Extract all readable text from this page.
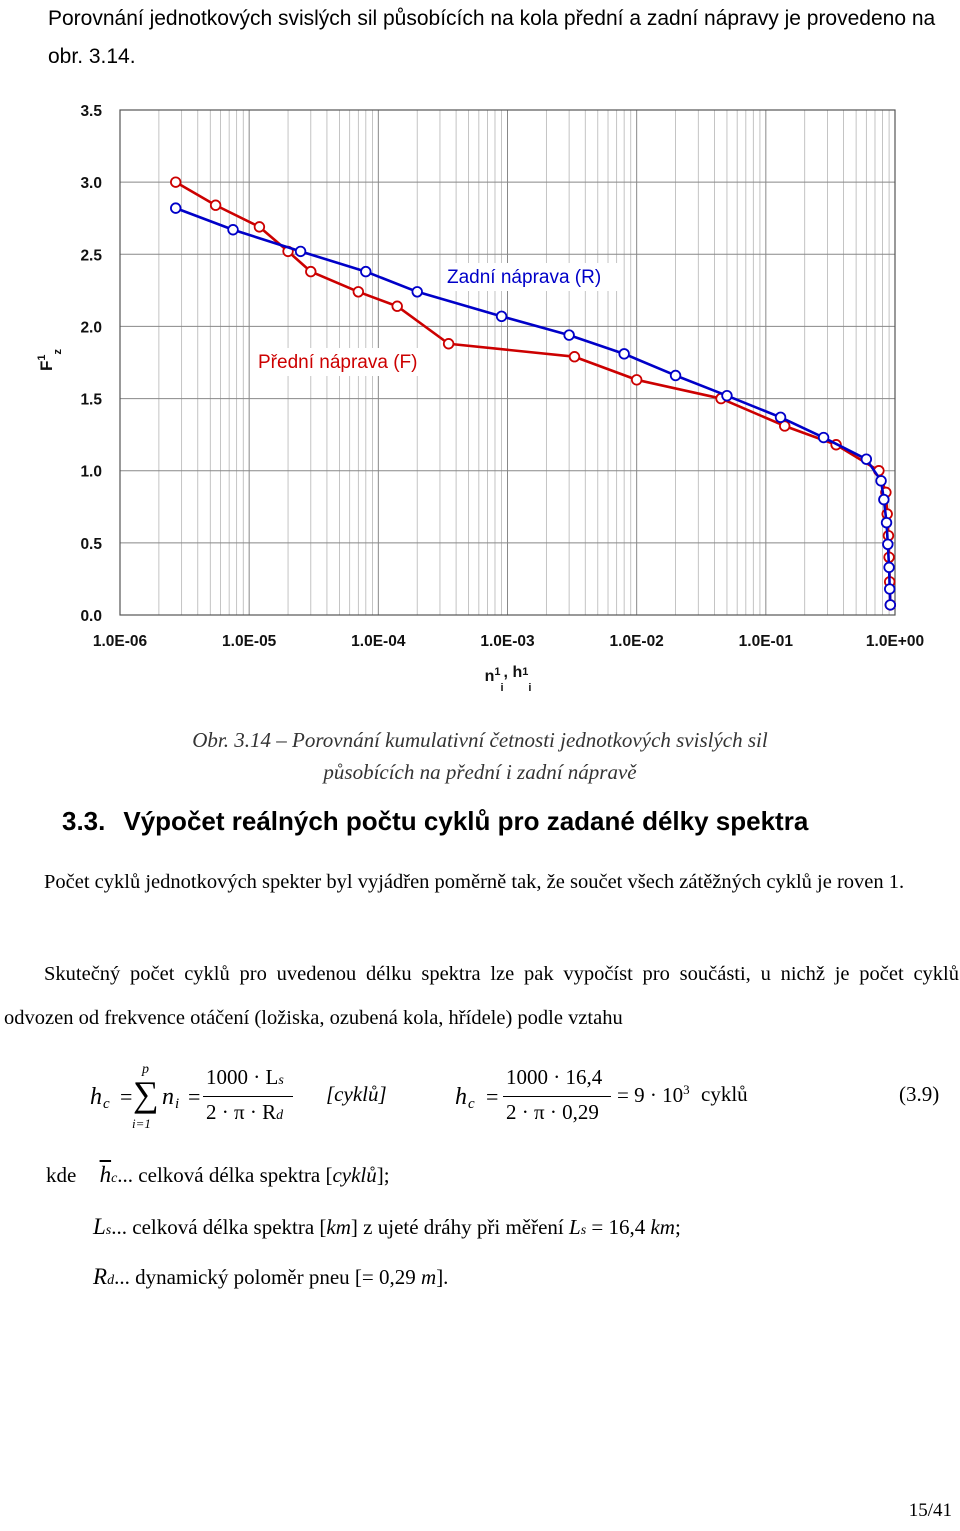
Porovnání jednotkových svislých sil působících na kola přední a zadní nápravy je provedeno na obr. 3.14.

0.0
0.5
1.0
1.5
2.0
2.5
3.0
3.5
1.0E-06	1.0E-05	1.0E-04	1.0E-03	1.0E-02	1.0E-01	1.0E+00
$n^1_i$, $h1_i$
$F^1_z$
Zadní náprava (R)
Přední náprava (F)
Obr. 3.14 – Porovnání kumulativní četnosti jednotkových svislých sil
působících na přední i zadní nápravě
3.3. Výpočet reálných počtu cyklů pro zadané délky spektra

Počet cyklů jednotkových spekter byl vyjádřen poměrně tak, že součet všech zátěžných cyklů je roven 1.

Skutečný počet cyklů pro uvedenou délku spektra lze pak vypočíst pro součásti, u nichž je počet cyklů odvozen od frekvence otáčení (ložiska, ozubená kola, hřídele) podle vztahu

h c =
p
∑
i=1
n i =
1000 · Ls
2 · π · Rd
[cyklů]	h c =
1000 · 16,4
2 · π · 0,29
= $9 \cdot 10^3$ cyklů	(3.9)
kde $\overline{h}c$... celková délka spektra [cyklů];
Ls... celková délka spektra [km] z ujeté dráhy při měření Ls = 16,4 km;
Rd... dynamický poloměr pneu [= 0,29 m].
15/41
